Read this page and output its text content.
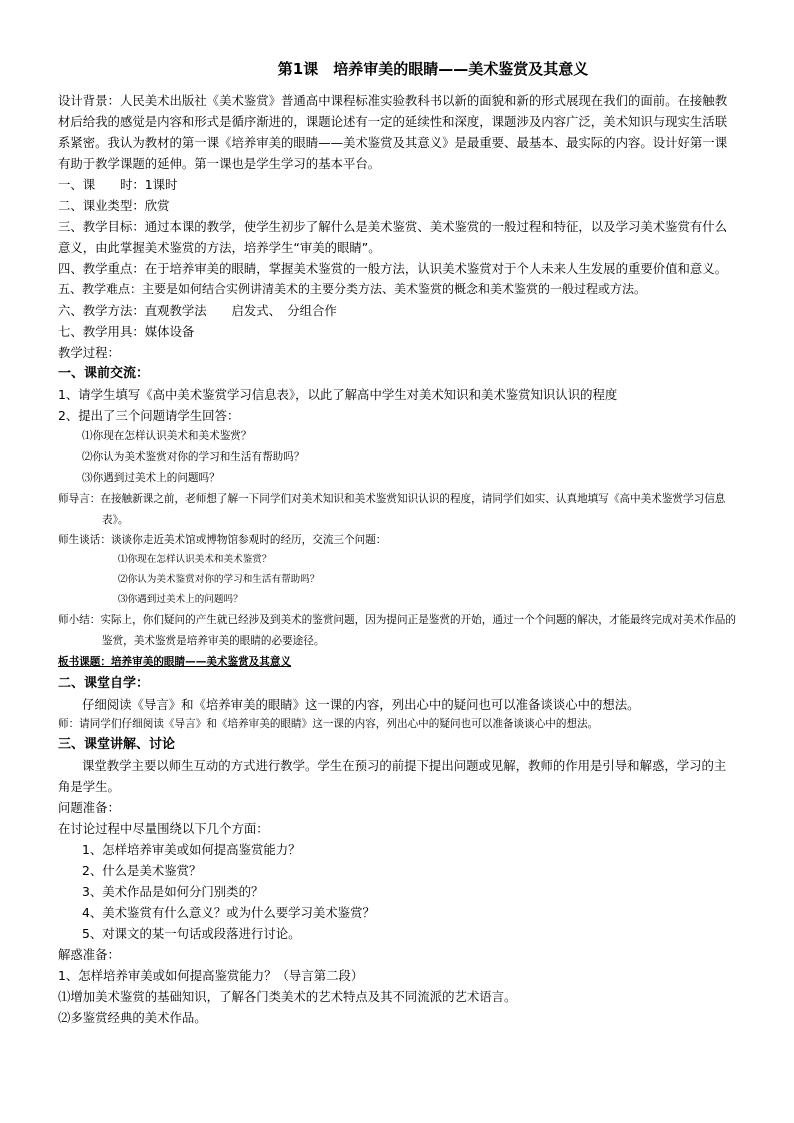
第1课　培养审美的眼睛——美术鉴赏及其意义

设计背景：人民美术出版社《美术鉴赏》普通高中课程标准实验教科书以新的面貌和新的形式展现在我们的面前。在接触教材后给我的感觉是内容和形式是循序渐进的，课题论述有一定的延续性和深度，课题涉及内容广泛，美术知识与现实生活联系紧密。我认为教材的第一课《培养审美的眼睛——美术鉴赏及其意义》是最重要、最基本、最实际的内容。设计好第一课有助于教学课题的延伸。第一课也是学生学习的基本平台。

一、课　　时：1课时

二、课业类型：欣赏

三、教学目标：通过本课的教学，使学生初步了解什么是美术鉴赏、美术鉴赏的一般过程和特征，以及学习美术鉴赏有什么意义，由此掌握美术鉴赏的方法，培养学生“审美的眼睛”。

四、教学重点：在于培养审美的眼睛，掌握美术鉴赏的一般方法，认识美术鉴赏对于个人未来人生发展的重要价值和意义。

五、教学难点：主要是如何结合实例讲清美术的主要分类方法、美术鉴赏的概念和美术鉴赏的一般过程或方法。

六、教学方法：直观教学法　　启发式、　分组合作

七、教学用具：媒体设备

教学过程：

一、课前交流：

1、请学生填写《高中美术鉴赏学习信息表》，以此了解高中学生对美术知识和美术鉴赏知识认识的程度

2、提出了三个问题请学生回答：

⑴你现在怎样认识美术和美术鉴赏？

⑵你认为美术鉴赏对你的学习和生活有帮助吗？

⑶你遇到过美术上的问题吗？

师导言：在接触新课之前，老师想了解一下同学们对美术知识和美术鉴赏知识认识的程度，请同学们如实、认真地填写《高中美术鉴赏学习信息表》。

师生谈话：谈谈你走近美术馆或博物馆参观时的经历，交流三个问题：

⑴你现在怎样认识美术和美术鉴赏？

⑵你认为美术鉴赏对你的学习和生活有帮助吗？

⑶你遇到过美术上的问题吗？

师小结：实际上，你们疑问的产生就已经涉及到美术的鉴赏问题，因为提问正是鉴赏的开始，通过一个个问题的解决，才能最终完成对美术作品的鉴赏，美术鉴赏是培养审美的眼睛的必要途径。

板书课题：培养审美的眼睛——美术鉴赏及其意义

二、课堂自学：

仔细阅读《导言》和《培养审美的眼睛》这一课的内容，列出心中的疑问也可以准备谈谈心中的想法。

师：请同学们仔细阅读《导言》和《培养审美的眼睛》这一课的内容，列出心中的疑问也可以准备谈谈心中的想法。

三、课堂讲解、讨论

课堂教学主要以师生互动的方式进行教学。学生在预习的前提下提出问题或见解，教师的作用是引导和解惑，学习的主角是学生。

问题准备：

在讨论过程中尽量围绕以下几个方面：

1、怎样培养审美或如何提高鉴赏能力？

2、什么是美术鉴赏？

3、美术作品是如何分门别类的？

4、美术鉴赏有什么意义？或为什么要学习美术鉴赏？

5、对课文的某一句话或段落进行讨论。

解惑准备：

1、怎样培养审美或如何提高鉴赏能力？（导言第二段）

⑴增加美术鉴赏的基础知识，了解各门类美术的艺术特点及其不同流派的艺术语言。

⑵多鉴赏经典的美术作品。
